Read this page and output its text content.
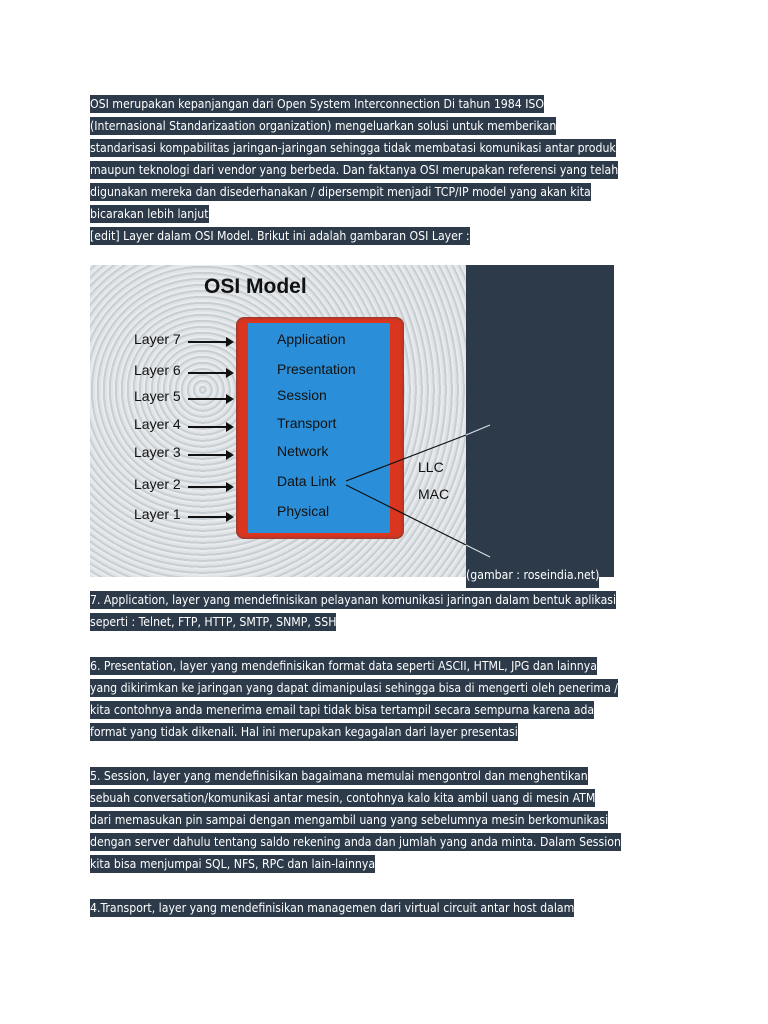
OSI merupakan kepanjangan dari Open System Interconnection Di tahun 1984 ISO

(Internasional Standarizaation organization) mengeluarkan solusi untuk memberikan

standarisasi kompabilitas jaringan-jaringan sehingga tidak membatasi komunikasi antar produk

maupun teknologi dari vendor yang berbeda. Dan faktanya OSI merupakan referensi yang telah

digunakan mereka dan disederhanakan / dipersempit menjadi TCP/IP model yang akan kita

bicarakan lebih lanjut

[edit] Layer dalam OSI Model. Brikut ini adalah gambaran OSI Layer :

OSI Model
Application
Presentation
Session
Transport
Network
Data Link
Physical
Layer 7
Layer 6
Layer 5
Layer 4
Layer 3
Layer 2
Layer 1
LLC
MAC
(gambar : roseindia.net)

7. Application, layer yang mendefinisikan pelayanan komunikasi jaringan dalam bentuk aplikasi

seperti : Telnet, FTP, HTTP, SMTP, SNMP, SSH

6. Presentation, layer yang mendefinisikan format data seperti ASCII, HTML, JPG dan lainnya

yang dikirimkan ke jaringan yang dapat dimanipulasi sehingga bisa di mengerti oleh penerima /

kita contohnya anda menerima email tapi tidak bisa tertampil secara sempurna karena ada

format yang tidak dikenali. Hal ini merupakan kegagalan dari layer presentasi

5. Session, layer yang mendefinisikan bagaimana memulai mengontrol dan menghentikan

sebuah conversation/komunikasi antar mesin, contohnya kalo kita ambil uang di mesin ATM

dari memasukan pin sampai dengan mengambil uang yang sebelumnya mesin berkomunikasi

dengan server dahulu tentang saldo rekening anda dan jumlah yang anda minta. Dalam Session

kita bisa menjumpai SQL, NFS, RPC dan lain-lainnya

4.Transport, layer yang mendefinisikan managemen dari virtual circuit antar host dalam
